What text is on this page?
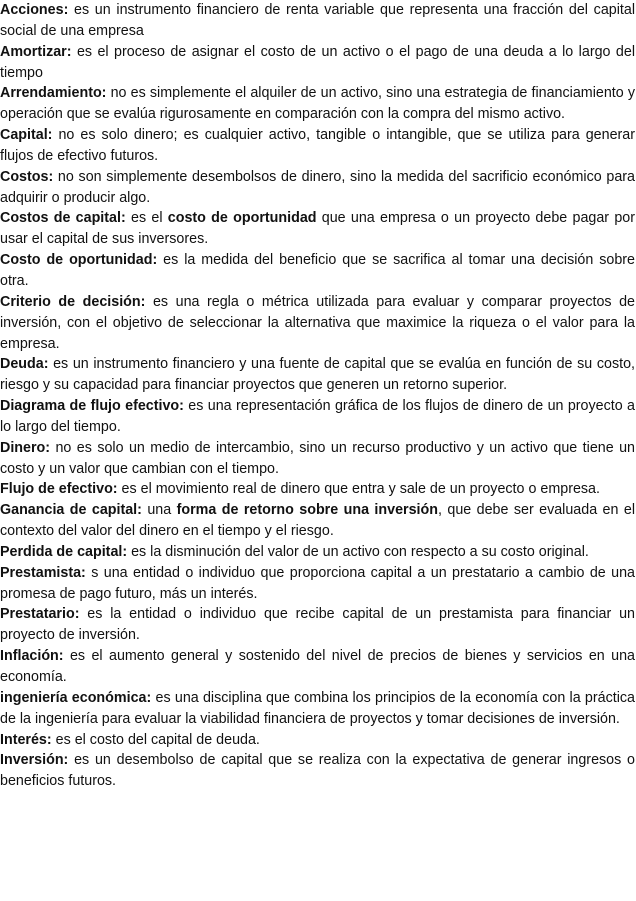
Acciones: es un instrumento financiero de renta variable que representa una fracción del capital social de una empresa

Amortizar: es el proceso de asignar el costo de un activo o el pago de una deuda a lo largo del tiempo

Arrendamiento: no es simplemente el alquiler de un activo, sino una estrategia de financiamiento y operación que se evalúa rigurosamente en comparación con la compra del mismo activo.

Capital: no es solo dinero; es cualquier activo, tangible o intangible, que se utiliza para generar flujos de efectivo futuros.

Costos: no son simplemente desembolsos de dinero, sino la medida del sacrificio económico para adquirir o producir algo.

Costos de capital: es el costo de oportunidad que una empresa o un proyecto debe pagar por usar el capital de sus inversores.

Costo de oportunidad: es la medida del beneficio que se sacrifica al tomar una decisión sobre otra.

Criterio de decisión: es una regla o métrica utilizada para evaluar y comparar proyectos de inversión, con el objetivo de seleccionar la alternativa que maximice la riqueza o el valor para la empresa.

Deuda: es un instrumento financiero y una fuente de capital que se evalúa en función de su costo, riesgo y su capacidad para financiar proyectos que generen un retorno superior.

Diagrama de flujo efectivo: es una representación gráfica de los flujos de dinero de un proyecto a lo largo del tiempo.

Dinero: no es solo un medio de intercambio, sino un recurso productivo y un activo que tiene un costo y un valor que cambian con el tiempo.

Flujo de efectivo: es el movimiento real de dinero que entra y sale de un proyecto o empresa.

Ganancia de capital: una forma de retorno sobre una inversión, que debe ser evaluada en el contexto del valor del dinero en el tiempo y el riesgo.

Perdida de capital: es la disminución del valor de un activo con respecto a su costo original.

Prestamista: s una entidad o individuo que proporciona capital a un prestatario a cambio de una promesa de pago futuro, más un interés.

Prestatario: es la entidad o individuo que recibe capital de un prestamista para financiar un proyecto de inversión.

Inflación: es el aumento general y sostenido del nivel de precios de bienes y servicios en una economía.

ingeniería económica: es una disciplina que combina los principios de la economía con la práctica de la ingeniería para evaluar la viabilidad financiera de proyectos y tomar decisiones de inversión.

Interés: es el costo del capital de deuda.

Inversión: es un desembolso de capital que se realiza con la expectativa de generar ingresos o beneficios futuros.
